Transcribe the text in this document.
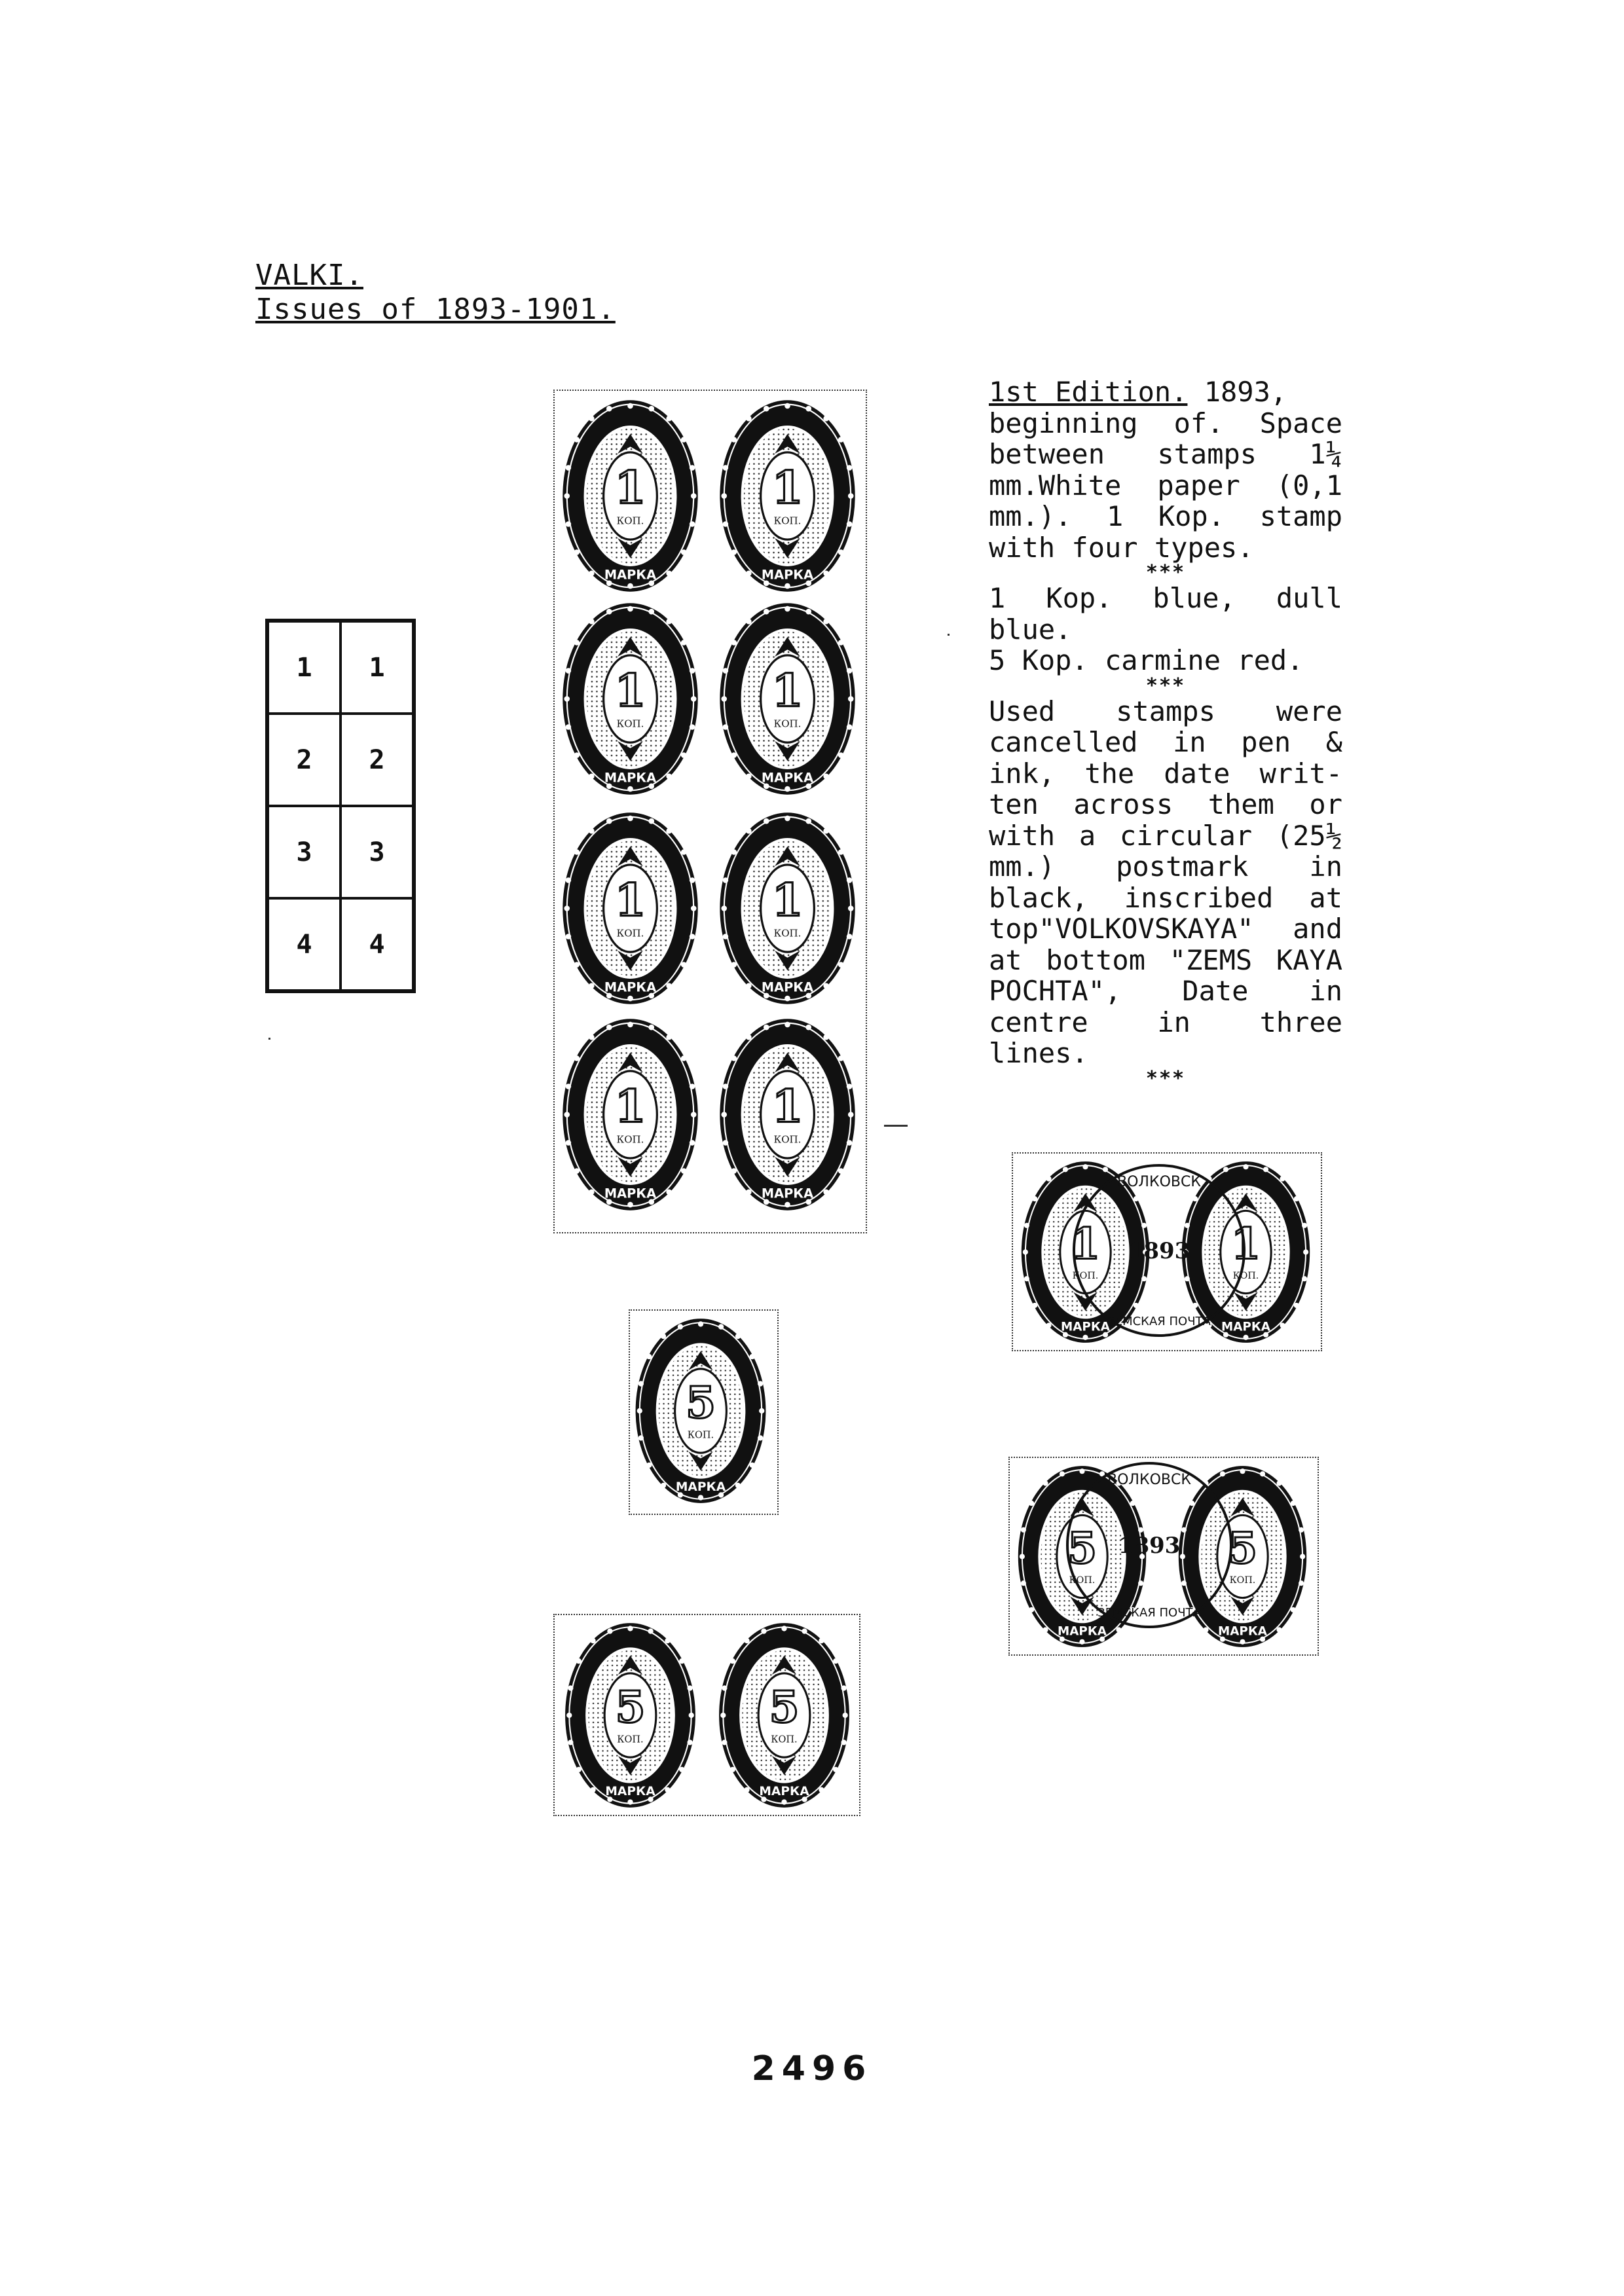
VALKI.
Issues of 1893-1901.
1	1
2	2
3	3
4	4

1st Edition. 1893,

beginning of. Space between stamps 1¼ mm.White paper (0,1 mm.). 1 Kop. stamp with four types.

***

1 Kop. blue, dull blue.

5 Kop. carmine red.

***

Used stamps were cancelled in pen & ink, the date writ- ten across them or with a circular (25½ mm.) postmark in black, inscribed at top"VOLKOVSKAYA" and at bottom "ZEMS KAYA POCHTA", Date in centre in three lines.

***

2496
1
КОП.
МАРКА
1
КОП.
МАРКА
1
КОП.
МАРКА
1
КОП.
МАРКА
1
КОП.
МАРКА
1
КОП.
МАРКА
1
КОП.
МАРКА
1
КОП.
МАРКА
5
КОП.
МАРКА
5
КОП.
МАРКА
5
КОП.
МАРКА
1
КОП.
МАРКА
1
КОП.
МАРКА
1893
ВОЛКОВСК
ЗЕМСКАЯ ПОЧТА
5
КОП.
МАРКА
5
КОП.
МАРКА
1893
ВОЛКОВСК
ЗЕМСКАЯ ПОЧТА
